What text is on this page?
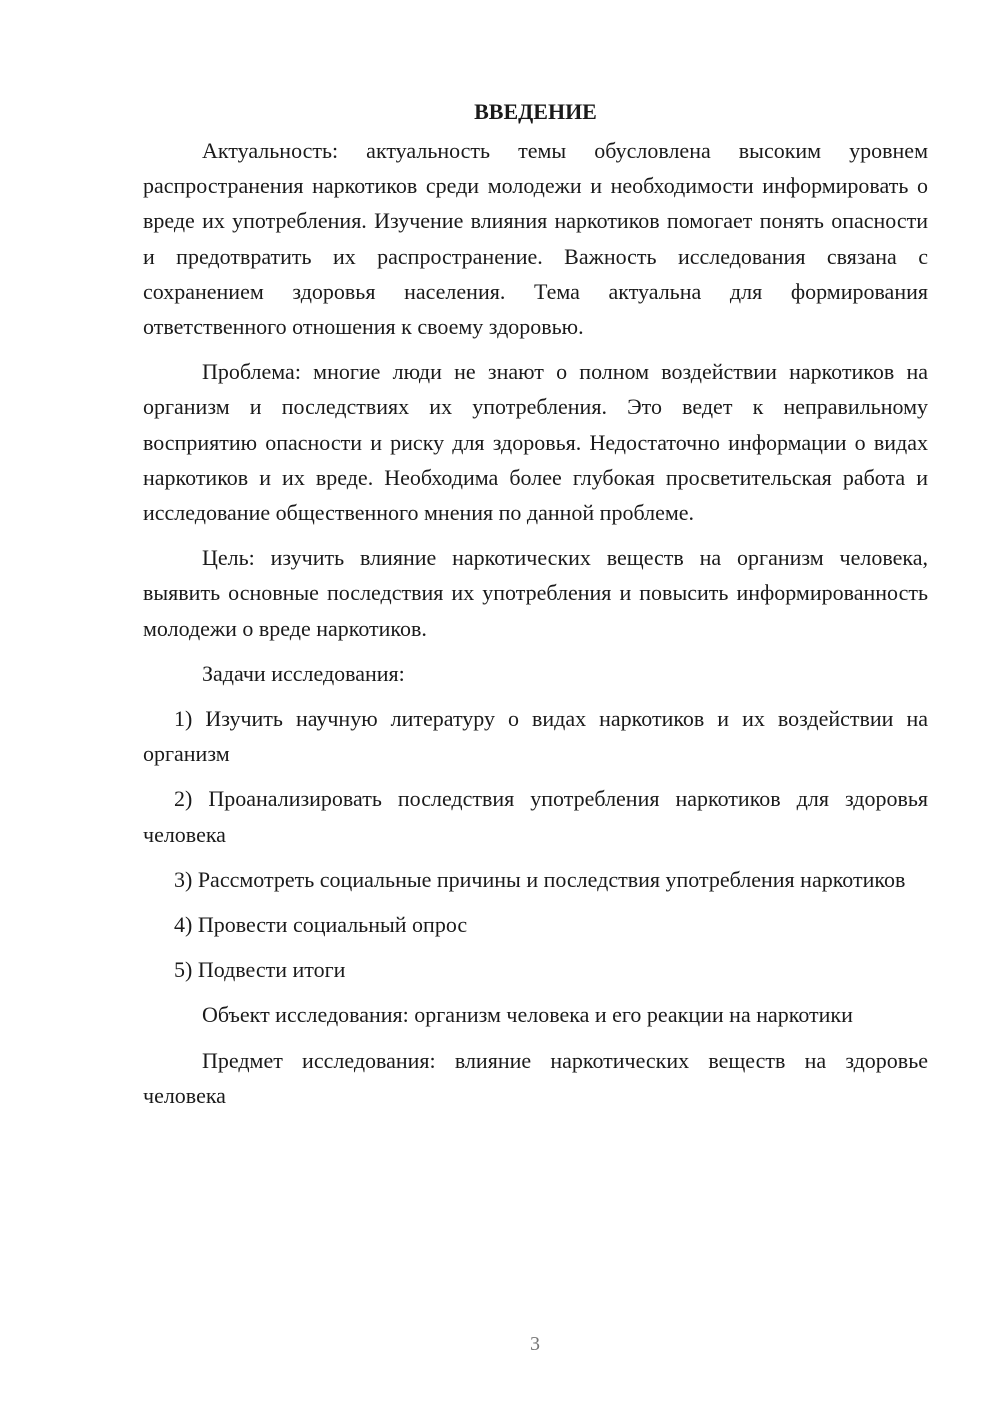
ВВЕДЕНИЕ

Актуальность: актуальность темы обусловлена высоким уровнем распространения наркотиков среди молодежи и необходимости информировать о вреде их употребления. Изучение влияния наркотиков помогает понять опасности и предотвратить их распространение. Важность исследования связана с сохранением здоровья населения. Тема актуальна для формирования ответственного отношения к своему здоровью.

Проблема: многие люди не знают о полном воздействии наркотиков на организм и последствиях их употребления. Это ведет к неправильному восприятию опасности и риску для здоровья. Недостаточно информации о видах наркотиков и их вреде. Необходима более глубокая просветительская работа и исследование общественного мнения по данной проблеме.

Цель: изучить влияние наркотических веществ на организм человека, выявить основные последствия их употребления и повысить информированность молодежи о вреде наркотиков.

Задачи исследования:

1) Изучить научную литературу о видах наркотиков и их воздействии на организм

2) Проанализировать последствия употребления наркотиков для здоровья человека

3) Рассмотреть социальные причины и последствия употребления наркотиков

4) Провести социальный опрос

5) Подвести итоги

Объект исследования: организм человека и его реакции на наркотики

Предмет исследования: влияние наркотических веществ на здоровье человека

3
